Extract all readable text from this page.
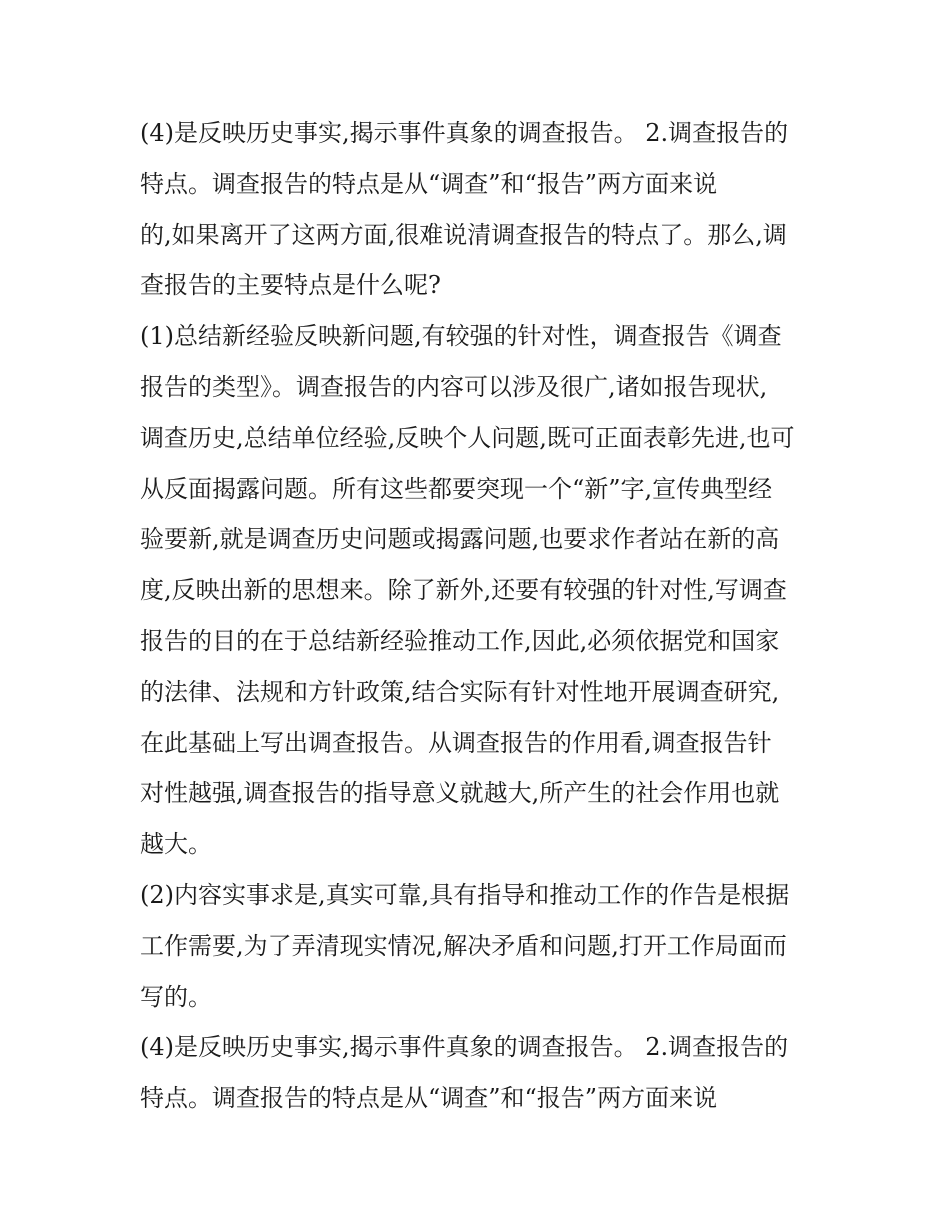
(4)是反映历史事实,揭示事件真象的调查报告。 2.调查报告的
特点。调查报告的特点是从“调查”和“报告”两方面来说
的,如果离开了这两方面,很难说清调查报告的特点了。那么,调
查报告的主要特点是什么呢?

(1)总结新经验反映新问题,有较强的针对性，调查报告《调查
报告的类型》。调查报告的内容可以涉及很广,诸如报告现状,
调查历史,总结单位经验,反映个人问题,既可正面表彰先进,也可
从反面揭露问题。所有这些都要突现一个“新”字,宣传典型经
验要新,就是调查历史问题或揭露问题,也要求作者站在新的高
度,反映出新的思想来。除了新外,还要有较强的针对性,写调查
报告的目的在于总结新经验推动工作,因此,必须依据党和国家
的法律、法规和方针政策,结合实际有针对性地开展调查研究,
在此基础上写出调查报告。从调查报告的作用看,调查报告针
对性越强,调查报告的指导意义就越大,所产生的社会作用也就
越大。

(2)内容实事求是,真实可靠,具有指导和推动工作的作告是根据
工作需要,为了弄清现实情况,解决矛盾和问题,打开工作局面而
写的。

(4)是反映历史事实,揭示事件真象的调查报告。 2.调查报告的
特点。调查报告的特点是从“调查”和“报告”两方面来说
